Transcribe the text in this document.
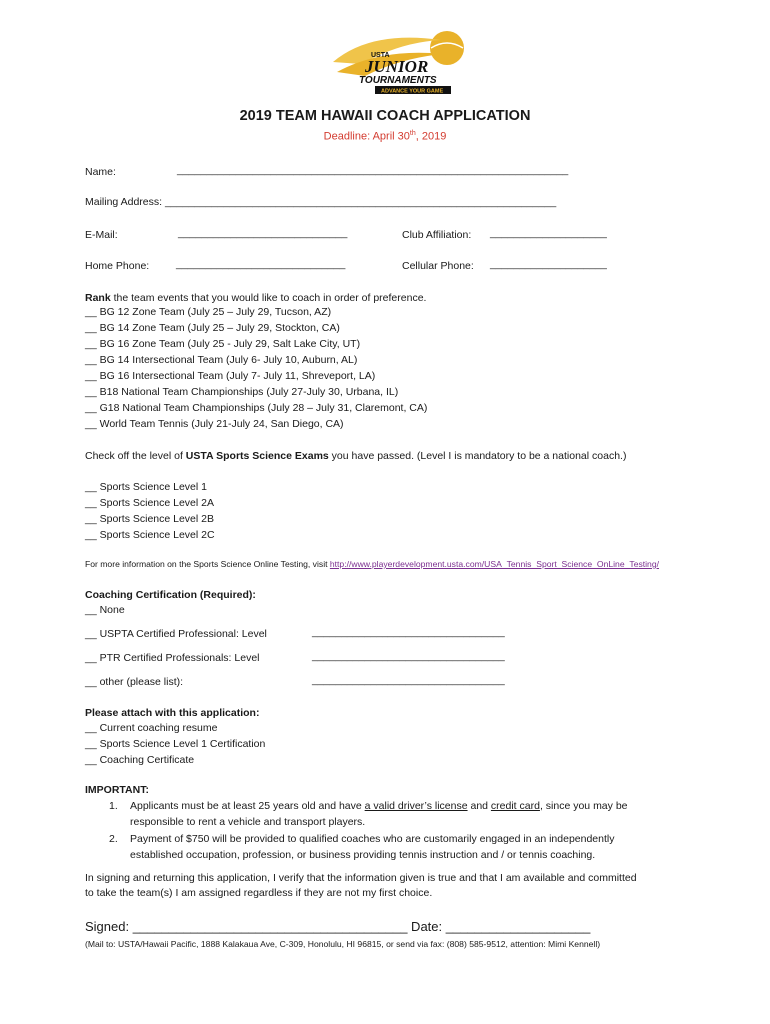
USTA
JUNIOR
TOURNAMENTS
ADVANCE YOUR GAME
2019 TEAM HAWAII COACH APPLICATION
Deadline: April 30th, 2019
Name:	___________________________________________________________________
Mailing Address: ___________________________________________________________________
E-Mail:	_____________________________	Club Affiliation: ____________________
Home Phone:	_____________________________	Cellular Phone: ____________________
Rank the team events that you would like to coach in order of preference.
__ BG 12 Zone Team (July 25 – July 29, Tucson, AZ)
__ BG 14 Zone Team (July 25 – July 29, Stockton, CA)
__ BG 16 Zone Team (July 25 - July 29, Salt Lake City, UT)
__ BG 14 Intersectional Team (July 6- July 10, Auburn, AL)
__ BG 16 Intersectional Team (July 7- July 11, Shreveport, LA)
__ B18 National Team Championships (July 27-July 30, Urbana, IL)
__ G18 National Team Championships (July 28 – July 31, Claremont, CA)
__ World Team Tennis (July 21-July 24, San Diego, CA)
Check off the level of USTA Sports Science Exams you have passed. (Level I is mandatory to be a national coach.)
__ Sports Science Level 1
__ Sports Science Level 2A
__ Sports Science Level 2B
__ Sports Science Level 2C
For more information on the Sports Science Online Testing, visit http://www.playerdevelopment.usta.com/USA_Tennis_Sport_Science_OnLine_Testing/
Coaching Certification (Required):
__ None
__ USPTA Certified Professional: Level	_________________________________
__ PTR Certified Professionals: Level	_________________________________
__ other (please list):	_________________________________
Please attach with this application:
__ Current coaching resume
__ Sports Science Level 1 Certification
__ Coaching Certificate
IMPORTANT:
1. Applicants must be at least 25 years old and have a valid driver’s license and credit card, since you may be
responsible to rent a vehicle and transport players.
2. Payment of $750 will be provided to qualified coaches who are customarily engaged in an independently
established occupation, profession, or business providing tennis instruction and / or tennis coaching.
In signing and returning this application, I verify that the information given is true and that I am available and committed
to take the team(s) I am assigned regardless if they are not my first choice.
Signed: ______________________________________ Date: ____________________
(Mail to: USTA/Hawaii Pacific, 1888 Kalakaua Ave, C-309, Honolulu, HI 96815, or send via fax: (808) 585-9512, attention: Mimi Kennell)
